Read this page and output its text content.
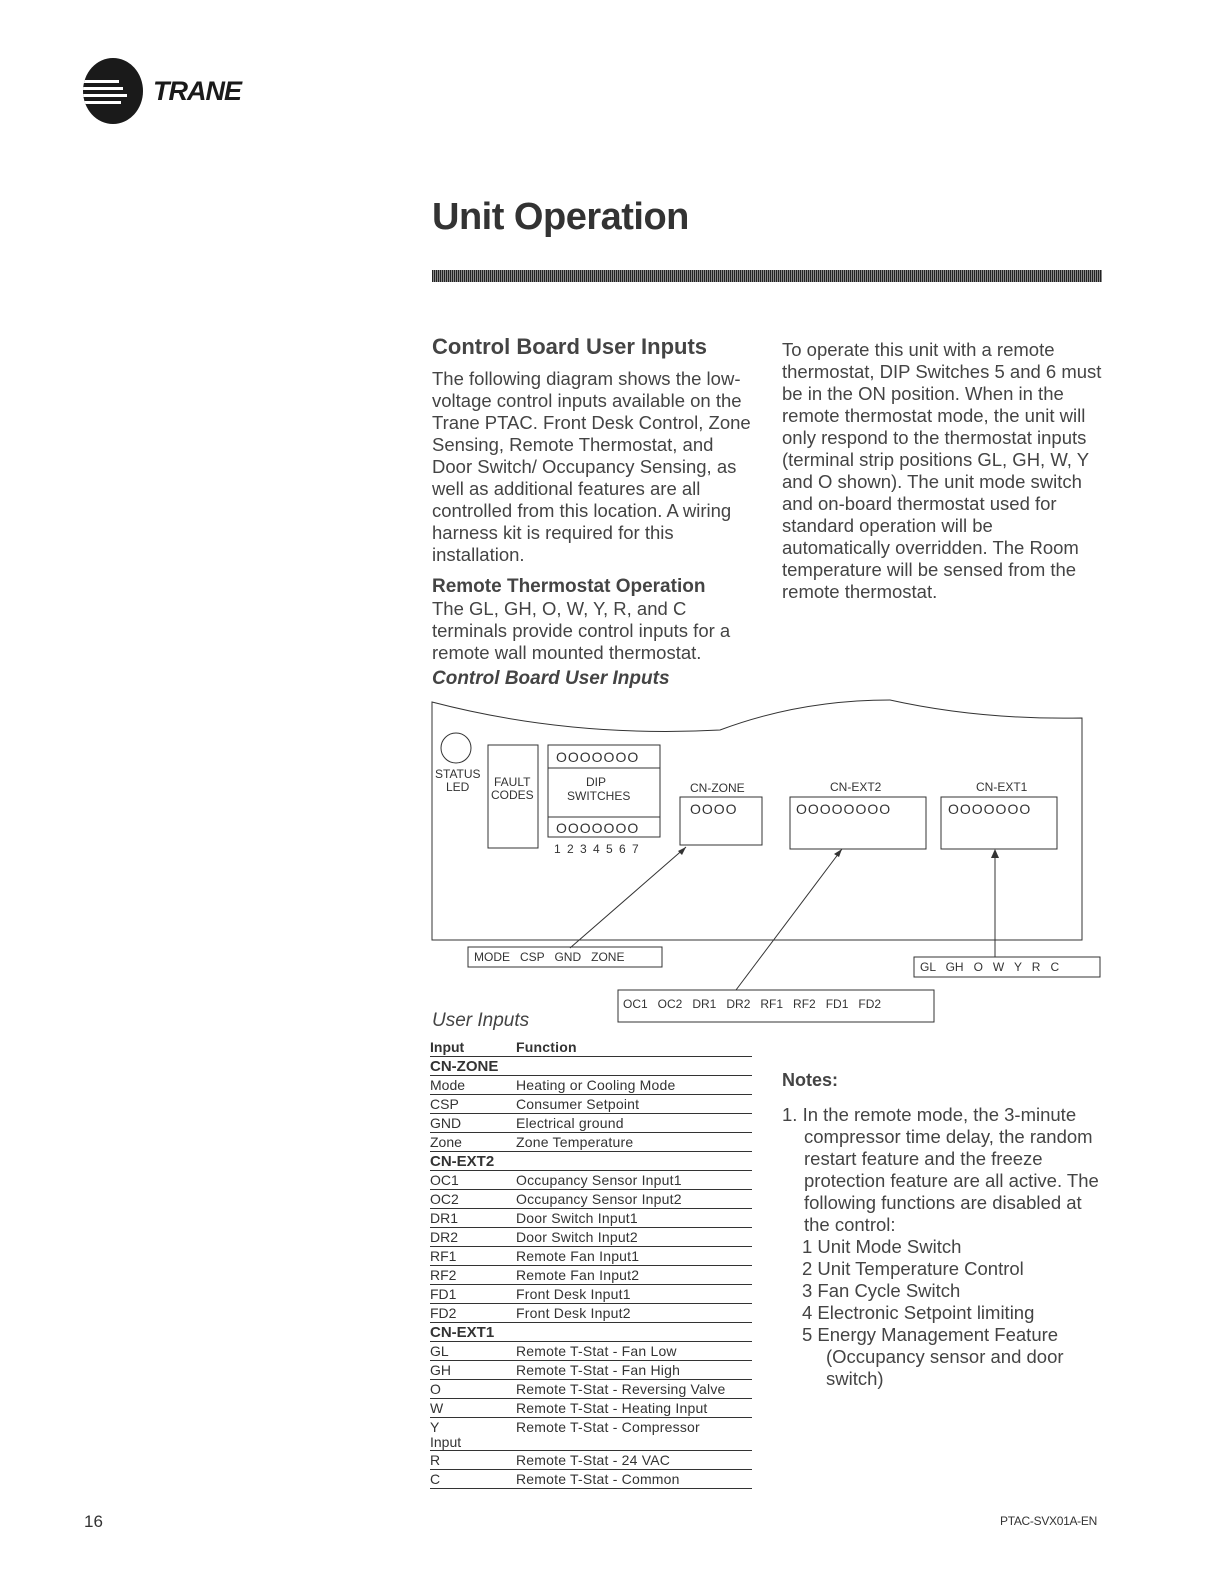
TRANE
Unit Operation
Control Board User Inputs
The following diagram shows the low-voltage control inputs available on the Trane PTAC. Front Desk Control, Zone Sensing, Remote Thermostat, and Door Switch/ Occupancy Sensing, as well as additional features are all controlled from this location. A wiring harness kit is required for this installation.
Remote Thermostat Operation
The GL, GH, O, W, Y, R, and C terminals provide control inputs for a remote wall mounted thermostat.
Control Board User Inputs
To operate this unit with a remote thermostat, DIP Switches 5 and 6 must be in the ON position. When in the remote thermostat mode, the unit will only respond to the thermostat inputs (terminal strip positions GL, GH, W, Y and O shown). The unit mode switch and on-board thermostat used for standard operation will be automatically overridden. The Room temperature will be sensed from the remote thermostat.
STATUS
LED FAULT
CODES
OOOOOOO
DIP
SWITCHES
OOOOOOO
1 2 3 4 5 6 7
CN-ZONE
OOOO
CN-EXT2
OOOOOOOO
CN-EXT1
OOOOOOO
MODE   CSP   GND   ZONE
GL   GH   O   W   Y   R   C
OC1   OC2   DR1   DR2   RF1   RF2   FD1   FD2
User Inputs
Input	Function
CN-ZONE
Mode	Heating or Cooling Mode
CSP	Consumer Setpoint
GND	Electrical ground
Zone	Zone Temperature
CN-EXT2
OC1	Occupancy Sensor Input1
OC2	Occupancy Sensor Input2
DR1	Door Switch Input1
DR2	Door Switch Input2
RF1	Remote Fan Input1
RF2	Remote Fan Input2
FD1	Front Desk Input1
FD2	Front Desk Input2
CN-EXT1
GL	Remote T-Stat - Fan Low
GH	Remote T-Stat - Fan High
O	Remote T-Stat - Reversing Valve
W	Remote T-Stat - Heating Input
Y	Remote T-Stat - Compressor
Input
R	Remote T-Stat - 24 VAC
C	Remote T-Stat - Common
Notes:
1. In the remote mode, the 3-minute compressor time delay, the random restart feature and the freeze protection feature are all active. The following functions are disabled at the control:
1 Unit Mode Switch
2 Unit Temperature Control
3 Fan Cycle Switch
4 Electronic Setpoint limiting
5 Energy Management Feature
(Occupancy sensor and door switch)
16	PTAC-SVX01A-EN
